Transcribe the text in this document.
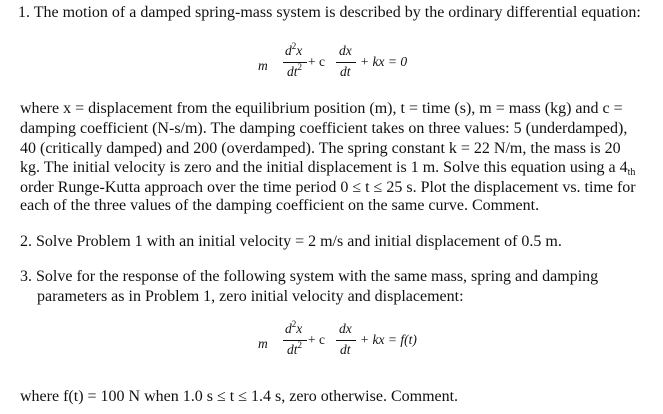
1. The motion of a damped spring-mass system is described by the ordinary differential equation:
m
$d^2x$
$dt^2 + c$
dx
dt
+ kx = 0
where x = displacement from the equilibrium position (m), t = time (s), m = mass (kg) and c =
damping coefficient (N-s/m). The damping coefficient takes on three values: 5 (underdamped),
40 (critically damped) and 200 (overdamped). The spring constant k = 22 N/m, the mass is 20
kg. The initial velocity is zero and the initial displacement is 1 m. Solve this equation using a 4th
order Runge-Kutta approach over the time period 0 ≤ t ≤ 25 s. Plot the displacement vs. time for
each of the three values of the damping coefficient on the same curve. Comment.
2. Solve Problem 1 with an initial velocity = 2 m/s and initial displacement of 0.5 m.
3. Solve for the response of the following system with the same mass, spring and damping
parameters as in Problem 1, zero initial velocity and displacement:
m
$d^2x$
$dt^2 + c$
dx
dt
+ kx = f(t)
where f(t) = 100 N when 1.0 s ≤ t ≤ 1.4 s, zero otherwise. Comment.
